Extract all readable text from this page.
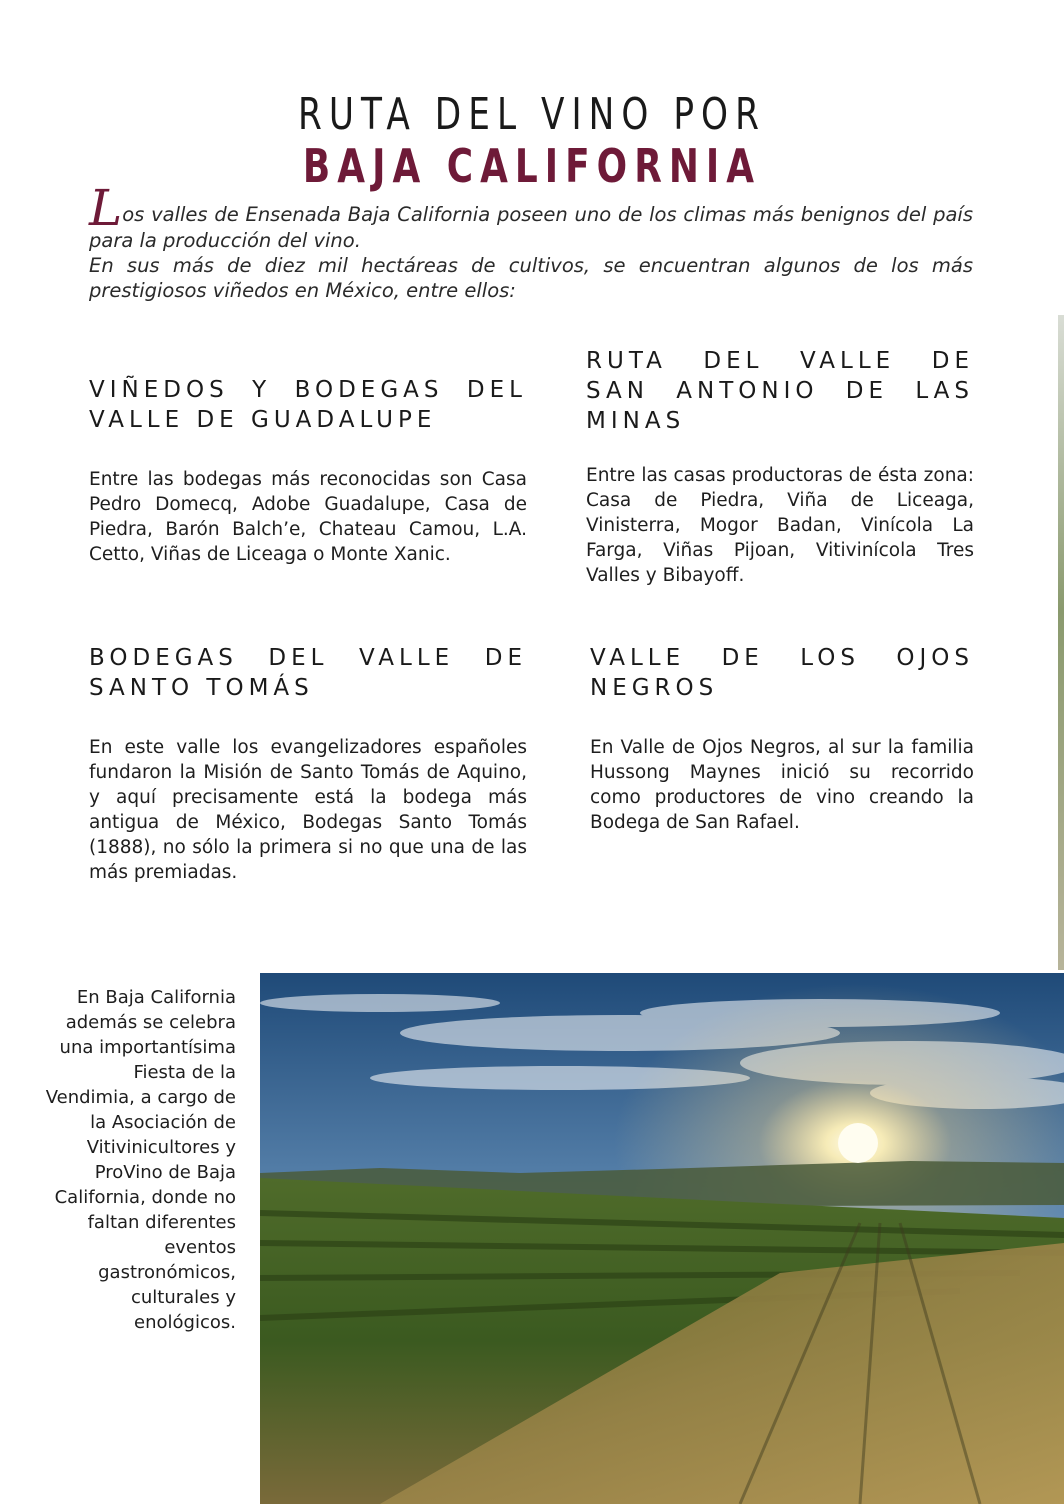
RUTA DEL VINO POR
BAJA CALIFORNIA

Los valles de Ensenada Baja California poseen uno de los climas más benignos del país para la producción del vino.

En sus más de diez mil hectáreas de cultivos, se encuentran algunos de los más prestigiosos viñedos en México, entre ellos:

VIÑEDOS Y BODEGAS DEL VALLE DE GUADALUPE

Entre las bodegas más reconocidas son Casa Pedro Domecq, Adobe Guadalupe, Casa de Piedra, Barón Balch’e, Chateau Camou, L.A. Cetto, Viñas de Liceaga o Monte Xanic.

RUTA DEL VALLE DE SAN ANTONIO DE LAS MINAS

Entre las casas productoras de ésta zona: Casa de Piedra, Viña de Liceaga, Vinisterra, Mogor Badan, Vinícola La Farga, Viñas Pijoan, Vitivinícola Tres Valles y Bibayoff.

BODEGAS DEL VALLE DE SANTO TOMÁS

En este valle los evangelizadores españoles fundaron la Misión de Santo Tomás de Aquino, y aquí precisamente está la bodega más antigua de México, Bodegas Santo Tomás (1888), no sólo la primera si no que una de las más premiadas.

VALLE DE LOS OJOS NEGROS

En Valle de Ojos Negros, al sur la familia Hussong Maynes inició su recorrido como productores de vino creando la Bodega de San Rafael.

En Baja California además se celebra una importantísima Fiesta de la Vendimia, a cargo de la Asociación de Vitivinicultores y ProVino de Baja California, donde no faltan diferentes eventos gastronómicos, culturales y enológicos.
